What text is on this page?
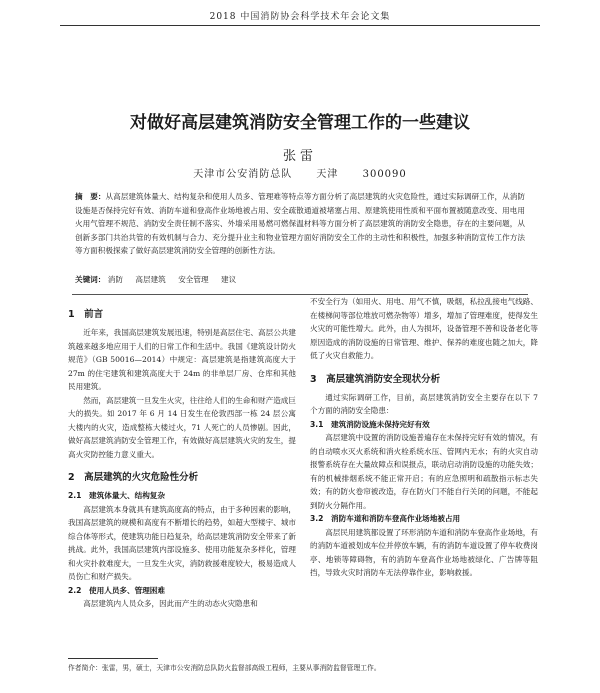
2018 中国消防协会科学技术年会论文集
对做好高层建筑消防安全管理工作的一些建议
张雷
天津市公安消防总队 天津 300090
摘　要：从高层建筑体量大、结构复杂和使用人员多、管理难等特点等方面分析了高层建筑的火灾危险性，通过实际调研工作，从消防设施是否保持完好有效、消防车道和登高作业场地被占用、安全疏散通道被堵塞占用、原建筑使用性质和平面布置被随意改变、用电用火用气管理不规范、消防安全责任制不落实、外墙采用易燃可燃保温材料等方面分析了高层建筑的消防安全隐患，存在的主要问题，从创新多部门共治共管的有效机制与合力、充分提升业主和物业管理方面好消防安全工作的主动性和积极性，加强多种消防宣传工作方法等方面积极探索了做好高层建筑消防安全管理的创新性方法。
关键词： 消防 高层建筑 安全管理 建议
1　前言

近年来，我国高层建筑发展迅速，特别是高层住宅、高层公共建筑越来越多地应用于人们的日常工作和生活中。我国《建筑设计防火规范》（GB 50016—2014）中规定：高层建筑是指建筑高度大于 27m 的住宅建筑和建筑高度大于 24m 的非单层厂房、仓库和其他民用建筑。

然而，高层建筑一旦发生火灾，往往给人们的生命和财产造成巨大的损失。如 2017 年 6 月 14 日发生在伦敦西部一栋 24 层公寓大楼内的火灾，造成整栋大楼过火，71 人死亡的人员惨剧。因此，做好高层建筑消防安全管理工作，有效做好高层建筑火灾的发生，提高火灾防控能力意义重大。

2　高层建筑的火灾危险性分析
2.1　建筑体量大、结构复杂

高层建筑本身就具有建筑高度高的特点，由于多种因素的影响，我国高层建筑的规模和高度有不断增长的趋势，如超大型楼宇、城市综合体等形式，使建筑功能日趋复杂，给高层建筑消防安全带来了新挑战。此外，我国高层建筑内部设施多、使用功能复杂多样化，管理和火灾扑救难度大，一旦发生火灾，消防救援难度较大，极易造成人员伤亡和财产损失。

2.2　使用人员多、管理困难

高层建筑内人员众多，因此而产生的动态火灾隐患和

不安全行为（如用火、用电、用气不慎，吸烟，私拉乱接电气线路、在楼梯间等部位堆放可燃杂物等）增多，增加了管理难度，使得发生火灾的可能性增大。此外，由人为损坏，设备管理不善和设备老化等原因造成的消防设施的日常管理、维护、保养的难度也随之加大，降低了火灾自救能力。

3　高层建筑消防安全现状分析

通过实际调研工作，目前，高层建筑消防安全主要存在以下 7 个方面的消防安全隐患：

3.1　建筑消防设施未保持完好有效

高层建筑中设置的消防设施普遍存在未保持完好有效的情况，有的自动喷水灭火系统和消火栓系统水压、管网内无水；有的火灾自动报警系统存在大量故障点和误报点，联动启动消防设施的功能失效；有的机械排烟系统不能正常开启；有的应急照明和疏散指示标志失效；有的防火卷帘被改造，存在防火门不能自行关闭的问题，不能起到防火分隔作用。

3.2　消防车道和消防车登高作业场地被占用

高层民用建筑都设置了环形消防车道和消防车登高作业场地，有的消防车道被划成车位并停放车辆，有的消防车道设置了停车收费岗亭、地锁等障碍物，有的消防车登高作业场地被绿化、广告牌等阻挡，导致火灾时消防车无法停靠作业，影响救援。

作者简介：张雷，男，硕士，天津市公安消防总队防火监督部高级工程师，主要从事消防监督管理工作。
